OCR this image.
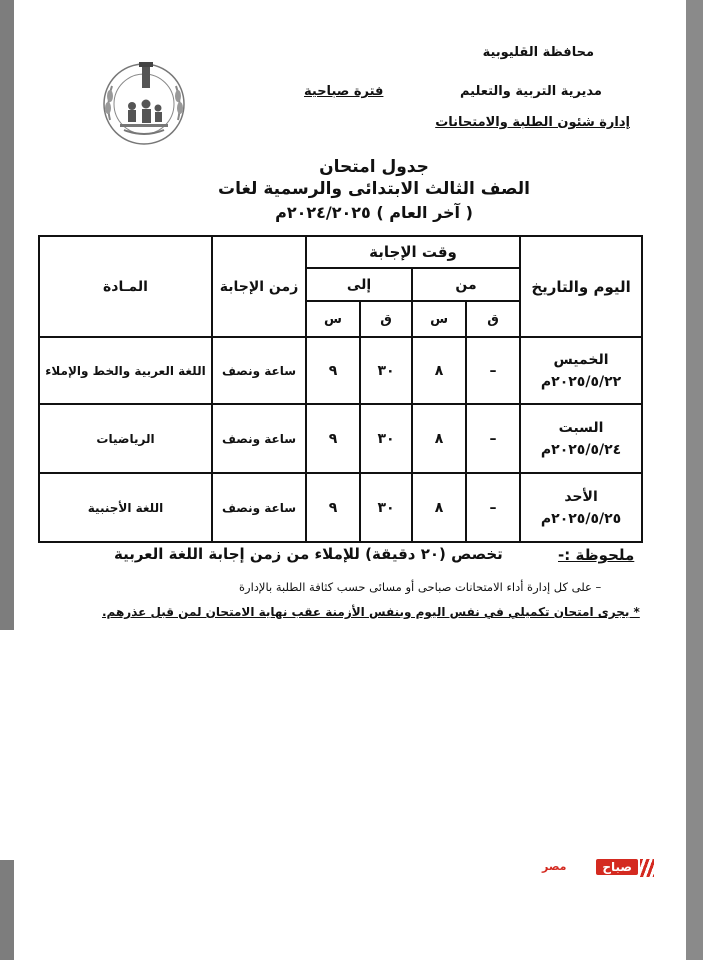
محافظة القليوبية
مديرية التربية والتعليم
إدارة شئون الطلبة والامتحانات
فترة صباحية
جدول امتحان
الصف الثالث الابتدائى والرسمية لغات
( آخر العام ) ٢٠٢٤/٢٠٢٥م
اليوم والتاريخ	وقت الإجابة				زمن الإجابة	المـادة
	من		إلى			
	ق	س	ق	س		

الخميس
٢٠٢٥/٥/٢٢م	–	٨	٣٠	٩	ساعة ونصف	اللغة العربية والخط والإملاء

السبت
٢٠٢٥/٥/٢٤م	–	٨	٣٠	٩	ساعة ونصف	الرياضيات

الأحد
٢٠٢٥/٥/٢٥م	–	٨	٣٠	٩	ساعة ونصف	اللغة الأجنبية
ملحوظة :-
تخصص (٢٠ دقيقة) للإملاء من زمن إجابة اللغة العربية
– على كل إدارة أداء الامتحانات صباحى أو مسائى حسب كثافة الطلبة بالإدارة
* يجرى امتحان تكميلي في نفس اليوم وبنفس الأزمنة عقب نهاية الامتحان لمن قبل عذرهم.
صباح
مصر
